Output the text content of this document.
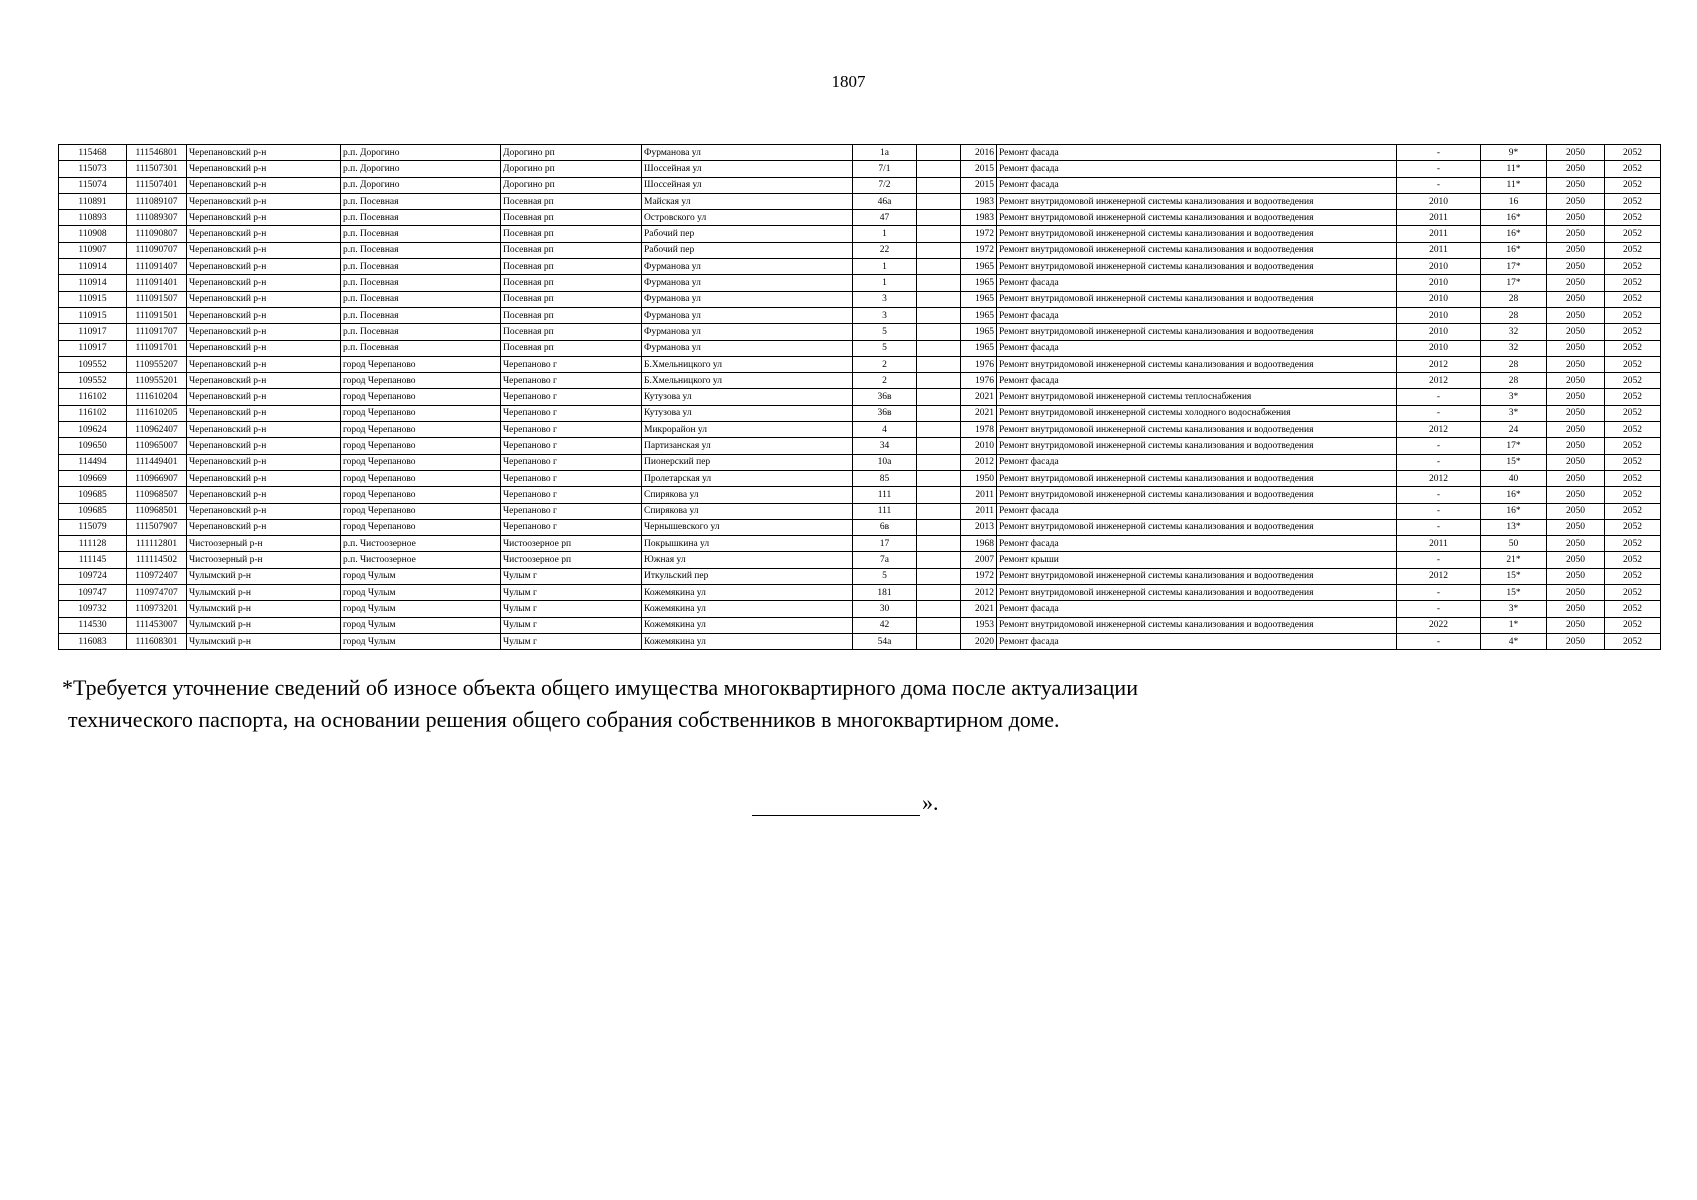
1807
115468	111546801	Черепановский р-н	р.п. Дорогино	Дорогино рп	Фурманова ул	1а		2016	Ремонт фасада	-	9*	2050	2052
115073	111507301	Черепановский р-н	р.п. Дорогино	Дорогино рп	Шоссейная ул	7/1		2015	Ремонт фасада	-	11*	2050	2052
115074	111507401	Черепановский р-н	р.п. Дорогино	Дорогино рп	Шоссейная ул	7/2		2015	Ремонт фасада	-	11*	2050	2052
110891	111089107	Черепановский р-н	р.п. Посевная	Посевная рп	Майская ул	46а		1983	Ремонт внутридомовой инженерной системы канализования и водоотведения	2010	16	2050	2052
110893	111089307	Черепановский р-н	р.п. Посевная	Посевная рп	Островского ул	47		1983	Ремонт внутридомовой инженерной системы канализования и водоотведения	2011	16*	2050	2052
110908	111090807	Черепановский р-н	р.п. Посевная	Посевная рп	Рабочий пер	1		1972	Ремонт внутридомовой инженерной системы канализования и водоотведения	2011	16*	2050	2052
110907	111090707	Черепановский р-н	р.п. Посевная	Посевная рп	Рабочий пер	22		1972	Ремонт внутридомовой инженерной системы канализования и водоотведения	2011	16*	2050	2052
110914	111091407	Черепановский р-н	р.п. Посевная	Посевная рп	Фурманова ул	1		1965	Ремонт внутридомовой инженерной системы канализования и водоотведения	2010	17*	2050	2052
110914	111091401	Черепановский р-н	р.п. Посевная	Посевная рп	Фурманова ул	1		1965	Ремонт фасада	2010	17*	2050	2052
110915	111091507	Черепановский р-н	р.п. Посевная	Посевная рп	Фурманова ул	3		1965	Ремонт внутридомовой инженерной системы канализования и водоотведения	2010	28	2050	2052
110915	111091501	Черепановский р-н	р.п. Посевная	Посевная рп	Фурманова ул	3		1965	Ремонт фасада	2010	28	2050	2052
110917	111091707	Черепановский р-н	р.п. Посевная	Посевная рп	Фурманова ул	5		1965	Ремонт внутридомовой инженерной системы канализования и водоотведения	2010	32	2050	2052
110917	111091701	Черепановский р-н	р.п. Посевная	Посевная рп	Фурманова ул	5		1965	Ремонт фасада	2010	32	2050	2052
109552	110955207	Черепановский р-н	город Черепаново	Черепаново г	Б.Хмельницкого ул	2		1976	Ремонт внутридомовой инженерной системы канализования и водоотведения	2012	28	2050	2052
109552	110955201	Черепановский р-н	город Черепаново	Черепаново г	Б.Хмельницкого ул	2		1976	Ремонт фасада	2012	28	2050	2052
116102	111610204	Черепановский р-н	город Черепаново	Черепаново г	Кутузова ул	36в		2021	Ремонт внутридомовой инженерной системы теплоснабжения	-	3*	2050	2052
116102	111610205	Черепановский р-н	город Черепаново	Черепаново г	Кутузова ул	36в		2021	Ремонт внутридомовой инженерной системы холодного водоснабжения	-	3*	2050	2052
109624	110962407	Черепановский р-н	город Черепаново	Черепаново г	Микрорайон ул	4		1978	Ремонт внутридомовой инженерной системы канализования и водоотведения	2012	24	2050	2052
109650	110965007	Черепановский р-н	город Черепаново	Черепаново г	Партизанская ул	34		2010	Ремонт внутридомовой инженерной системы канализования и водоотведения	-	17*	2050	2052
114494	111449401	Черепановский р-н	город Черепаново	Черепаново г	Пионерский пер	10а		2012	Ремонт фасада	-	15*	2050	2052
109669	110966907	Черепановский р-н	город Черепаново	Черепаново г	Пролетарская ул	85		1950	Ремонт внутридомовой инженерной системы канализования и водоотведения	2012	40	2050	2052
109685	110968507	Черепановский р-н	город Черепаново	Черепаново г	Спирякова ул	111		2011	Ремонт внутридомовой инженерной системы канализования и водоотведения	-	16*	2050	2052
109685	110968501	Черепановский р-н	город Черепаново	Черепаново г	Спирякова ул	111		2011	Ремонт фасада	-	16*	2050	2052
115079	111507907	Черепановский р-н	город Черепаново	Черепаново г	Чернышевского ул	6в		2013	Ремонт внутридомовой инженерной системы канализования и водоотведения	-	13*	2050	2052
111128	111112801	Чистоозерный р-н	р.п. Чистоозерное	Чистоозерное рп	Покрышкина ул	17		1968	Ремонт фасада	2011	50	2050	2052
111145	111114502	Чистоозерный р-н	р.п. Чистоозерное	Чистоозерное рп	Южная ул	7а		2007	Ремонт крыши	-	21*	2050	2052
109724	110972407	Чулымский р-н	город Чулым	Чулым г	Иткульский пер	5		1972	Ремонт внутридомовой инженерной системы канализования и водоотведения	2012	15*	2050	2052
109747	110974707	Чулымский р-н	город Чулым	Чулым г	Кожемякина ул	181		2012	Ремонт внутридомовой инженерной системы канализования и водоотведения	-	15*	2050	2052
109732	110973201	Чулымский р-н	город Чулым	Чулым г	Кожемякина ул	30		2021	Ремонт фасада	-	3*	2050	2052
114530	111453007	Чулымский р-н	город Чулым	Чулым г	Кожемякина ул	42		1953	Ремонт внутридомовой инженерной системы канализования и водоотведения	2022	1*	2050	2052
116083	111608301	Чулымский р-н	город Чулым	Чулым г	Кожемякина ул	54а		2020	Ремонт фасада	-	4*	2050	2052
*Требуется уточнение сведений об износе объекта общего имущества многоквартирного дома после актуализации
технического паспорта, на основании решения общего собрания собственников в многоквартирном доме.
».
